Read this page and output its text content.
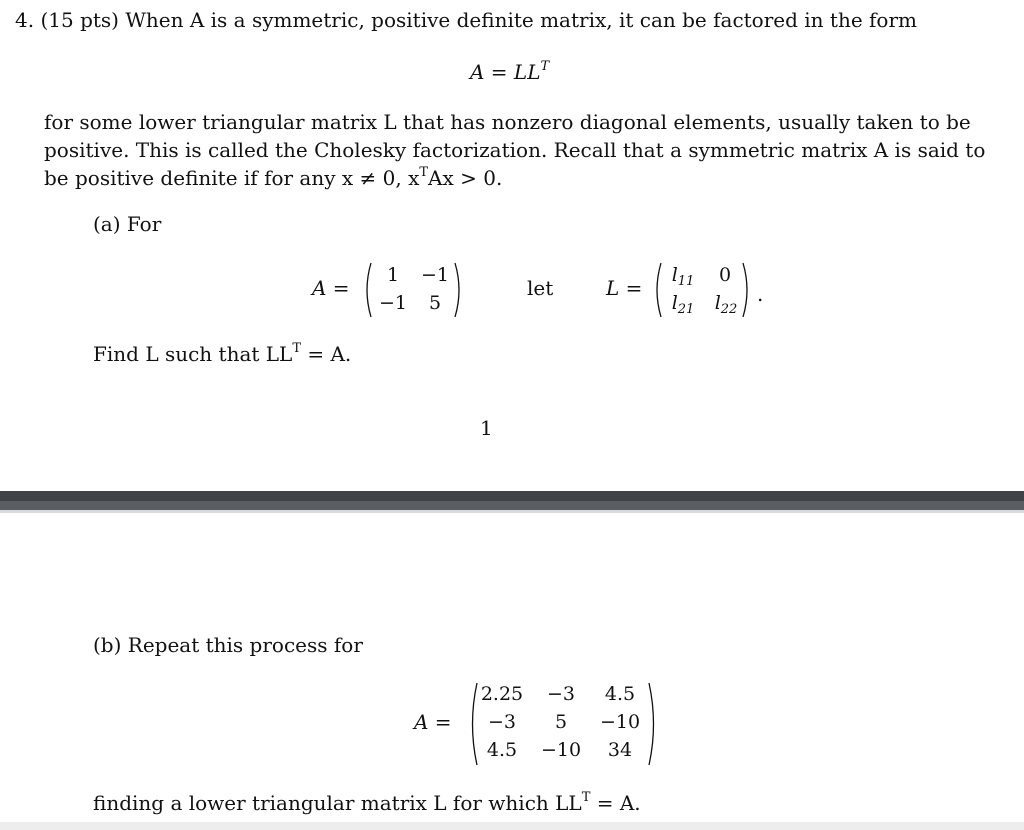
4. (15 pts) When A is a symmetric, positive definite matrix, it can be factored in the form
$A = LL^T$
for some lower triangular matrix L that has nonzero diagonal elements, usually taken to be
positive. This is called the Cholesky factorization. Recall that a symmetric matrix A is said to
be positive definite if for any x ≠ 0, $x^TAx > 0$.
(a) For
A =
1	−1
−1	5
let	L =
$l_{11}$	0
$l_{21}$	$l_{22}$
.
Find L such that $LL^T = A$.
1
(b) Repeat this process for
A =
2.25	−3	4.5
−3	5	−10
4.5	−10	34
finding a lower triangular matrix L for which $LL^T = A$.
